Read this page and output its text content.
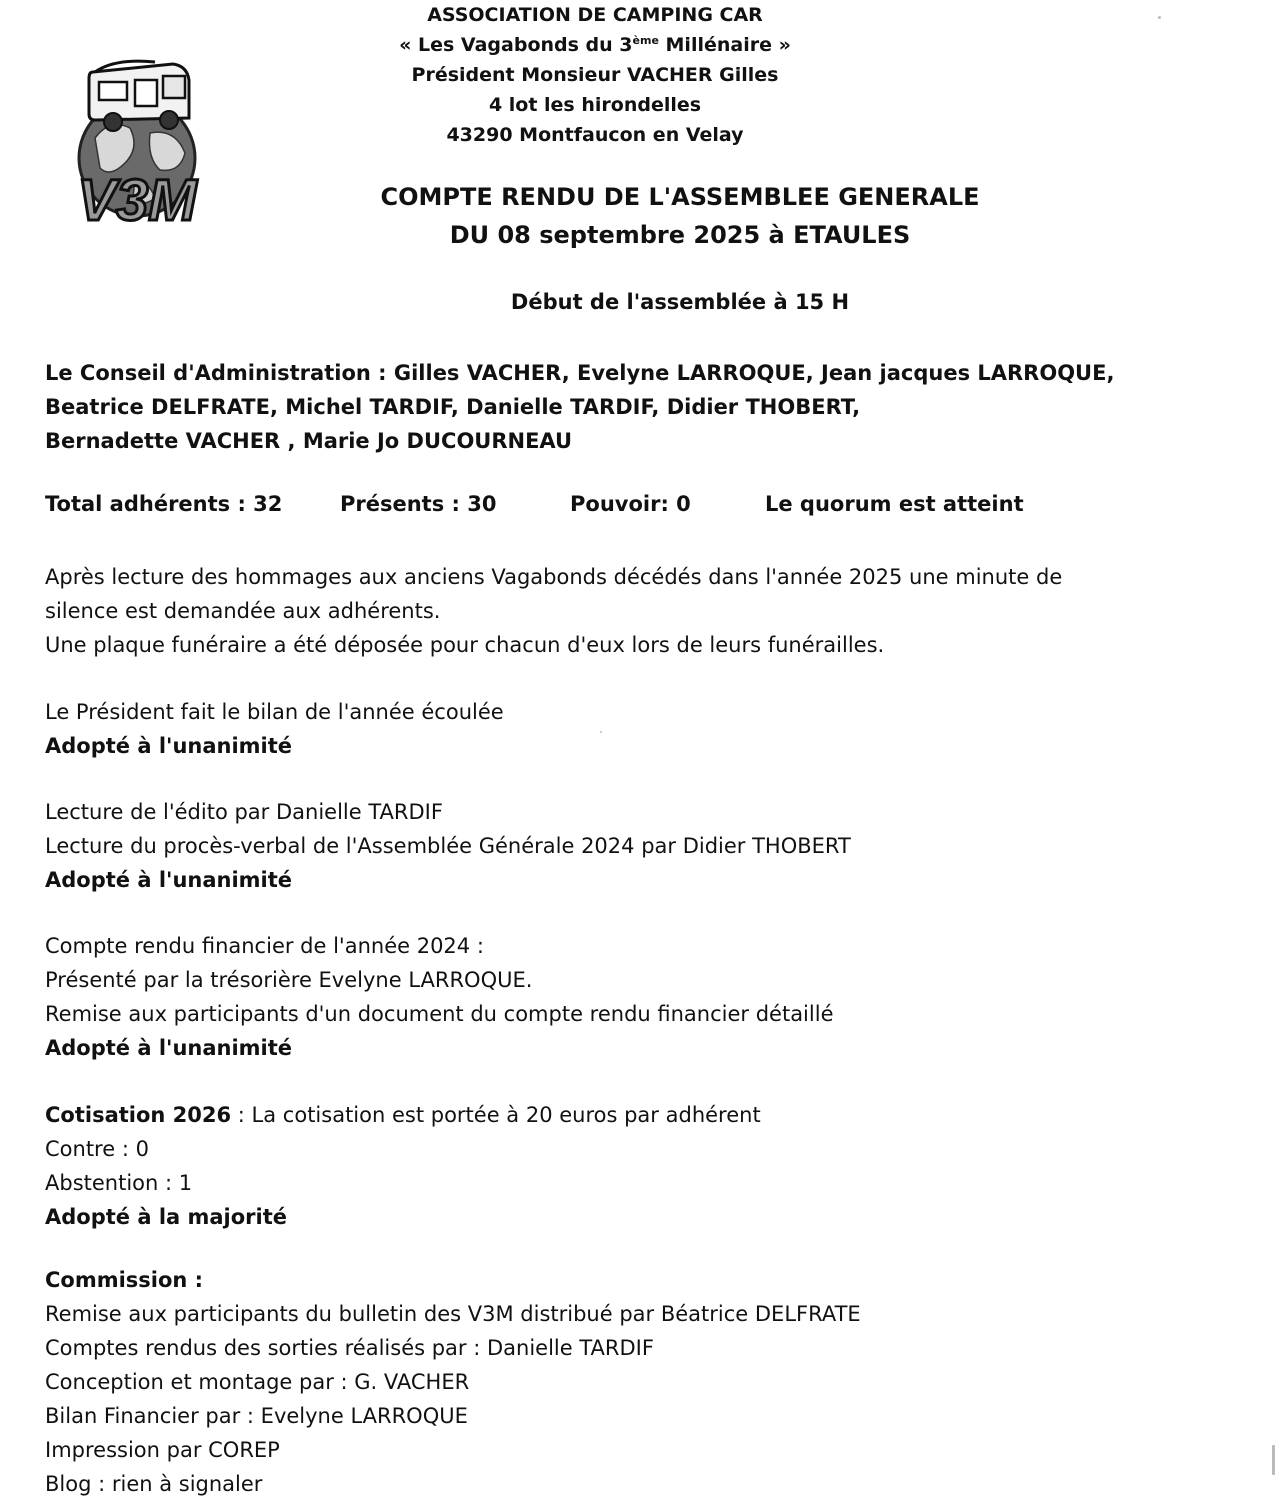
ASSOCIATION DE CAMPING CAR
« Les Vagabonds du 3ème Millénaire »
Président Monsieur VACHER Gilles
4 lot les hirondelles
43290 Montfaucon en Velay
V3M	COMPTE RENDU DE L'ASSEMBLEE GENERALE
DU 08 septembre 2025 à ETAULES
Début de l'assemblée à 15 H
Le Conseil d'Administration : Gilles VACHER, Evelyne LARROQUE, Jean jacques LARROQUE,
Beatrice DELFRATE, Michel TARDIF, Danielle TARDIF, Didier THOBERT,
Bernadette VACHER , Marie Jo DUCOURNEAU
Total adhérents : 32	Présents : 30	Pouvoir: 0	Le quorum est atteint
Après lecture des hommages aux anciens Vagabonds décédés dans l'année 2025 une minute de
silence est demandée aux adhérents.
Une plaque funéraire a été déposée pour chacun d'eux lors de leurs funérailles.
Le Président fait le bilan de l'année écoulée
Adopté à l'unanimité
Lecture de l'édito par Danielle TARDIF
Lecture du procès-verbal de l'Assemblée Générale 2024 par Didier THOBERT
Adopté à l'unanimité
Compte rendu financier de l'année 2024 :
Présenté par la trésorière Evelyne LARROQUE.
Remise aux participants d'un document du compte rendu financier détaillé
Adopté à l'unanimité
Cotisation 2026 : La cotisation est portée à 20 euros par adhérent
Contre : 0
Abstention : 1
Adopté à la majorité
Commission :
Remise aux participants du bulletin des V3M distribué par Béatrice DELFRATE
Comptes rendus des sorties réalisés par : Danielle TARDIF
Conception et montage par : G. VACHER
Bilan Financier par : Evelyne LARROQUE
Impression par COREP
Blog : rien à signaler
